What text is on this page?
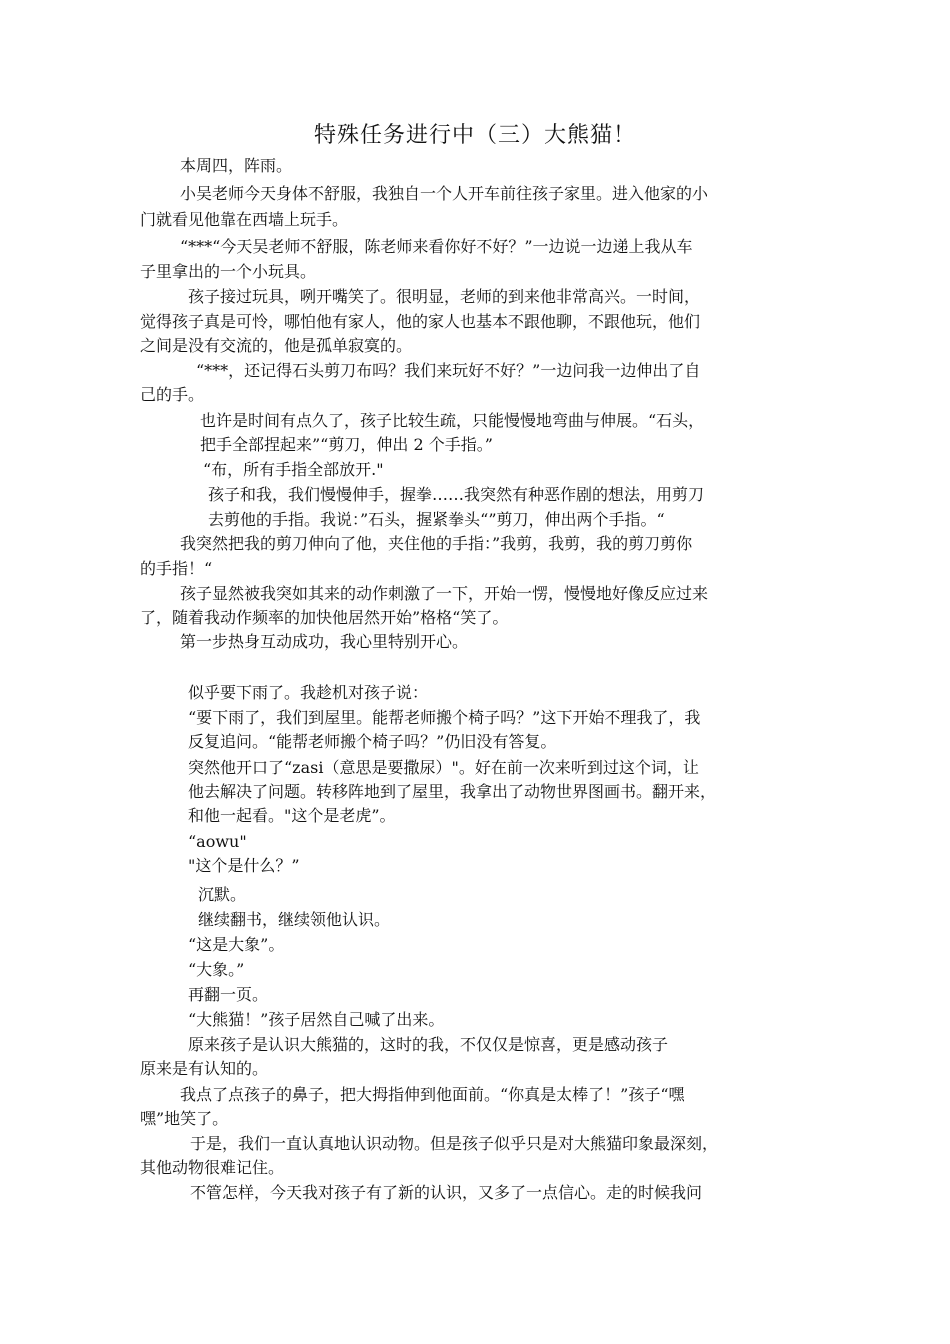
特殊任务进行中（三）大熊猫！
本周四，阵雨。
小吴老师今天身体不舒服，我独自一个人开车前往孩子家里。进入他家的小
门就看见他靠在西墙上玩手。
“***“今天吴老师不舒服，陈老师来看你好不好？”一边说一边递上我从车
子里拿出的一个小玩具。
孩子接过玩具，咧开嘴笑了。很明显，老师的到来他非常高兴。一时间，
觉得孩子真是可怜，哪怕他有家人，他的家人也基本不跟他聊，不跟他玩，他们
之间是没有交流的，他是孤单寂寞的。
“***，还记得石头剪刀布吗？我们来玩好不好？”一边问我一边伸出了自
己的手。
也许是时间有点久了，孩子比较生疏，只能慢慢地弯曲与伸展。“石头，
把手全部捏起来”“剪刀，伸出 2 个手指。”
“布，所有手指全部放开."
孩子和我，我们慢慢伸手，握拳……我突然有种恶作剧的想法，用剪刀
去剪他的手指。我说：”石头，握紧拳头“”剪刀，伸出两个手指。“
我突然把我的剪刀伸向了他，夹住他的手指：”我剪，我剪，我的剪刀剪你
的手指！“
孩子显然被我突如其来的动作刺激了一下，开始一愣，慢慢地好像反应过来
了，随着我动作频率的加快他居然开始”格格“笑了。
第一步热身互动成功，我心里特别开心。
似乎要下雨了。我趁机对孩子说：
“要下雨了，我们到屋里。能帮老师搬个椅子吗？”这下开始不理我了，我
反复追问。“能帮老师搬个椅子吗？”仍旧没有答复。
突然他开口了“zasi（意思是要撒尿）"。好在前一次来听到过这个词，让
他去解决了问题。转移阵地到了屋里，我拿出了动物世界图画书。翻开来，
和他一起看。"这个是老虎”。
“aowu"
"这个是什么？”
沉默。
继续翻书，继续领他认识。
“这是大象”。
“大象。”
再翻一页。
“大熊猫！”孩子居然自己喊了出来。
原来孩子是认识大熊猫的，这时的我，不仅仅是惊喜，更是感动孩子
原来是有认知的。
我点了点孩子的鼻子，把大拇指伸到他面前。“你真是太棒了！”孩子“嘿
嘿”地笑了。
于是，我们一直认真地认识动物。但是孩子似乎只是对大熊猫印象最深刻，
其他动物很难记住。
不管怎样，今天我对孩子有了新的认识，又多了一点信心。走的时候我问
